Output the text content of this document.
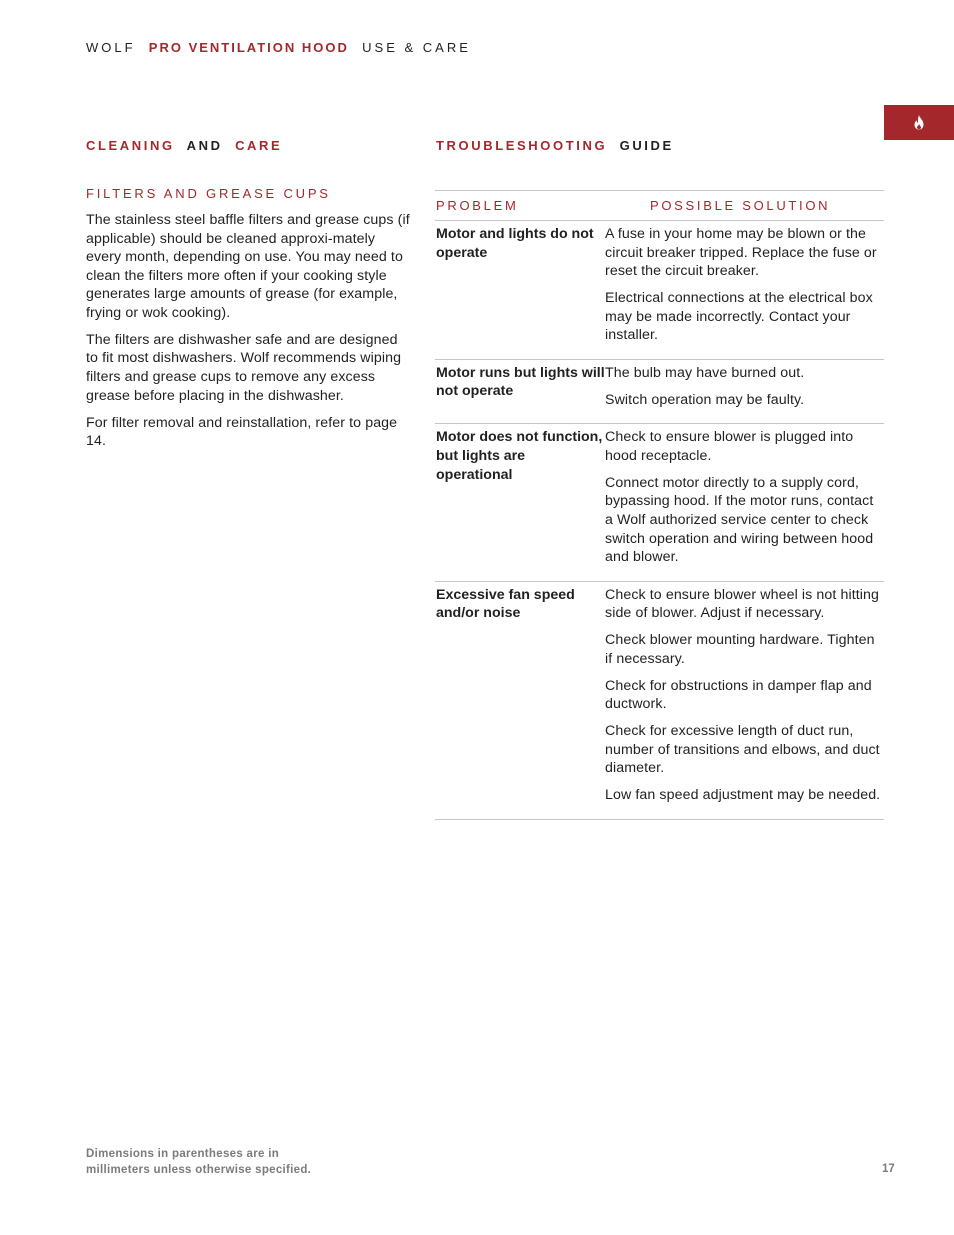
WOLF PRO VENTILATION HOOD USE & CARE
CLEANING AND CARE
FILTERS AND GREASE CUPS

The stainless steel baffle filters and grease cups (if applicable) should be cleaned approxi-mately every month, depending on use. You may need to clean the filters more often if your cooking style generates large amounts of grease (for example, frying or wok cooking).

The filters are dishwasher safe and are designed to fit most dishwashers. Wolf recommends wiping filters and grease cups to remove any excess grease before placing in the dishwasher.

For filter removal and reinstallation, refer to page 14.

TROUBLESHOOTING GUIDE
PROBLEM	POSSIBLE SOLUTION
Motor and lights do not operate

A fuse in your home may be blown or the circuit breaker tripped. Replace the fuse or reset the circuit breaker.

Electrical connections at the electrical box may be made incorrectly. Contact your installer.

Motor runs but lights will not operate

The bulb may have burned out.

Switch operation may be faulty.

Motor does not function, but lights are operational

Check to ensure blower is plugged into hood receptacle.

Connect motor directly to a supply cord, bypassing hood. If the motor runs, contact a Wolf authorized service center to check switch operation and wiring between hood and blower.

Excessive fan speed and/or noise

Check to ensure blower wheel is not hitting side of blower. Adjust if necessary.

Check blower mounting hardware. Tighten if necessary.

Check for obstructions in damper flap and ductwork.

Check for excessive length of duct run, number of transitions and elbows, and duct diameter.

Low fan speed adjustment may be needed.

Dimensions in parentheses are in
millimeters unless otherwise specified.	17
